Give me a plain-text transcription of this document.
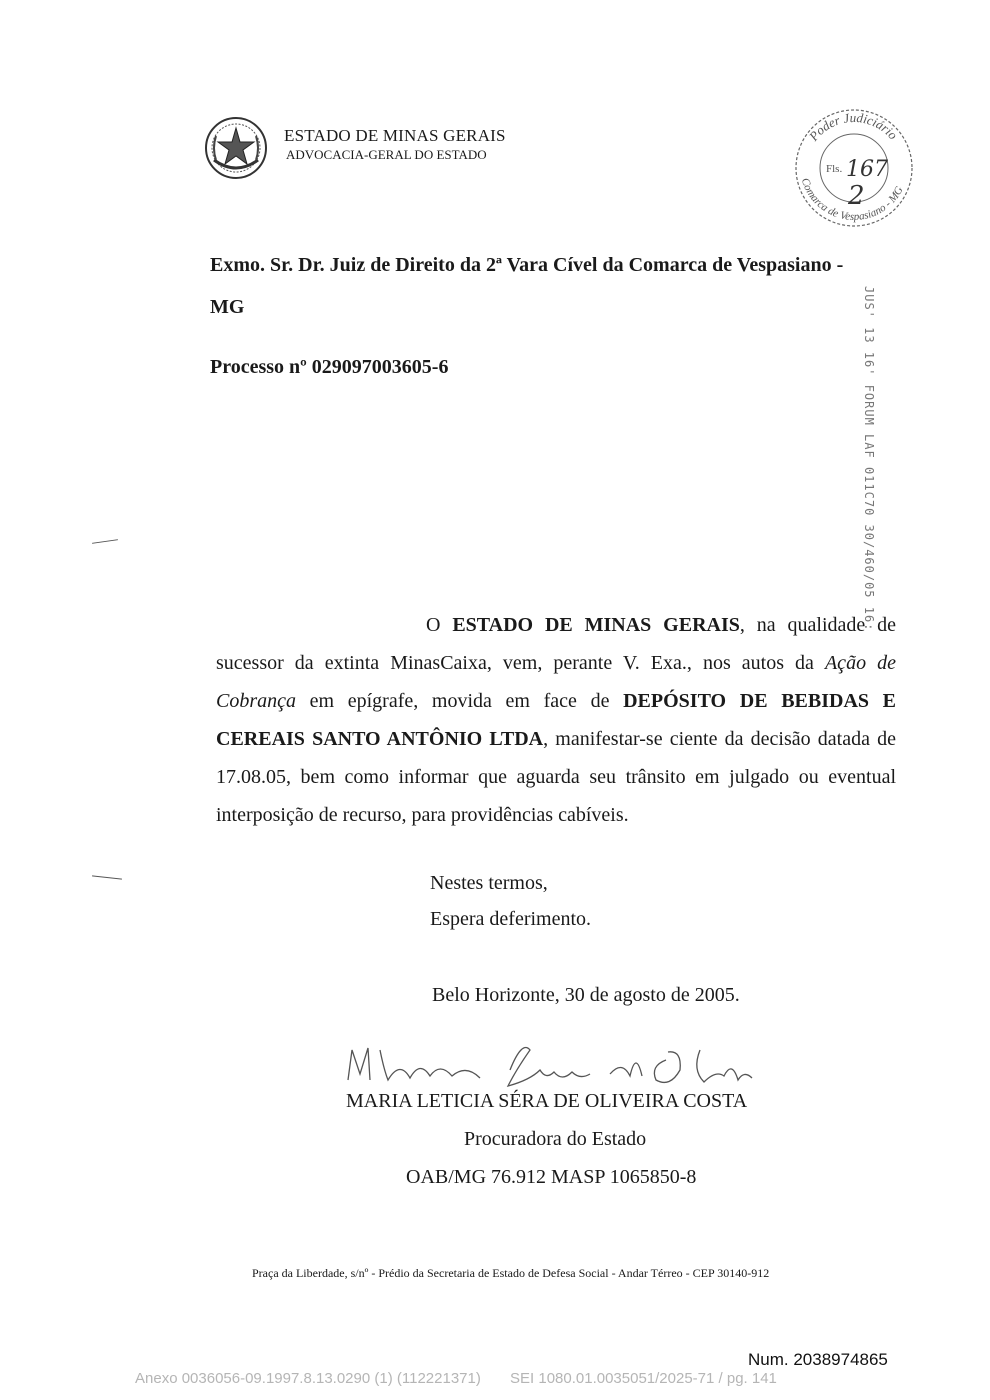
ESTADO DE MINAS GERAIS
ADVOCACIA-GERAL DO ESTADO
Poder Judiciário
Comarca de Vespasiano - MG
Fls. 167
2
JUS' 13 16' FORUM LAF 011C70 30/460/05 16:
Exmo. Sr. Dr. Juiz de Direito da 2ª Vara Cível da Comarca de Vespasiano -
MG
Processo nº 029097003605-6
O ESTADO DE MINAS GERAIS, na qualidade de sucessor da extinta MinasCaixa, vem, perante V. Exa., nos autos da Ação de Cobrança em epígrafe, movida em face de DEPÓSITO DE BEBIDAS E CEREAIS SANTO ANTÔNIO LTDA, manifestar-se ciente da decisão datada de 17.08.05, bem como informar que aguarda seu trânsito em julgado ou eventual interposição de recurso, para providências cabíveis.
Nestes termos,
Espera deferimento.
Belo Horizonte, 30 de agosto de 2005.
Mª Letícia Séra de O Costa
MARIA LETICIA SÉRA DE OLIVEIRA COSTA
Procuradora do Estado
OAB/MG 76.912 MASP 1065850-8
Praça da Liberdade, s/nº - Prédio da Secretaria de Estado de Defesa Social - Andar Térreo - CEP 30140-912
Num. 2038974865
Anexo 0036056-09.1997.8.13.0290 (1) (112221371)       SEI 1080.01.0035051/2025-71 / pg. 141
